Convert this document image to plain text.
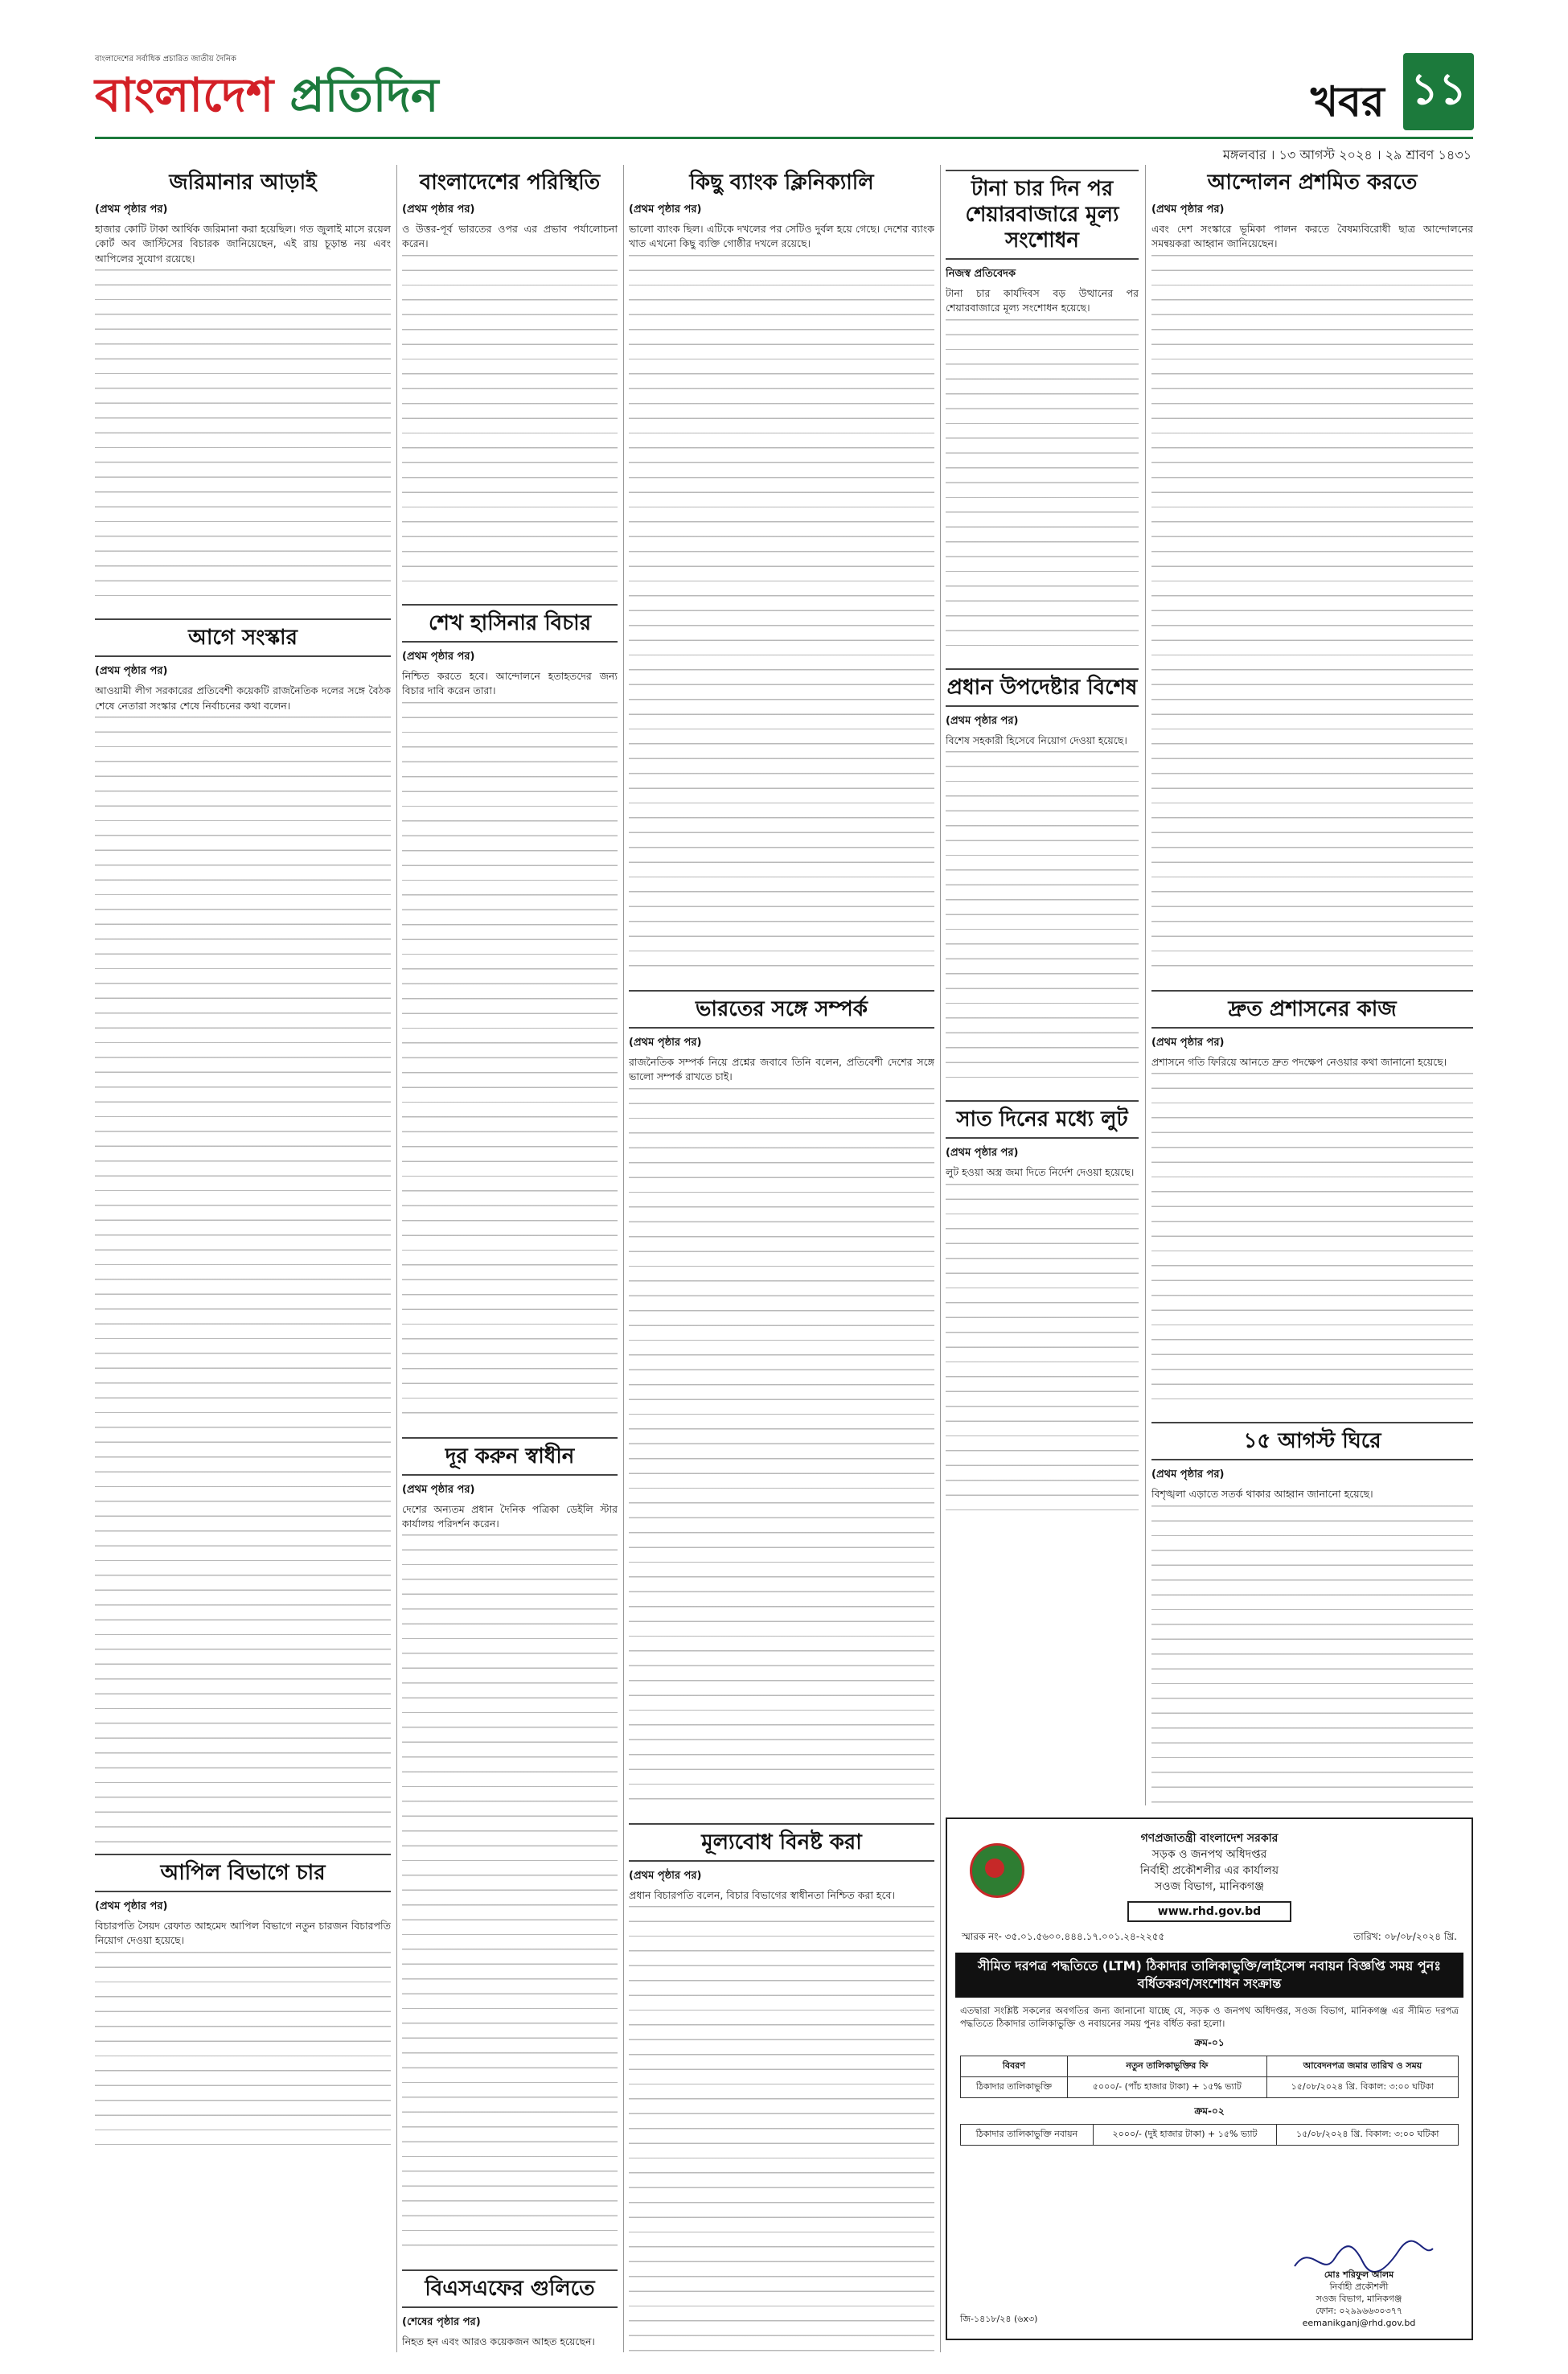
বাংলাদেশের সর্বাধিক প্রচারিত জাতীয় দৈনিক
বাংলাদেশ প্রতিদিন	খবর ১১
মঙ্গলবার । ১৩ আগস্ট ২০২৪ । ২৯ শ্রাবণ ১৪৩১
জরিমানার আড়াই
(প্রথম পৃষ্ঠার পর)
হাজার কোটি টাকা আর্থিক জরিমানা করা হয়েছিল। গত জুলাই মাসে রয়েল কোর্ট অব জাস্টিসের বিচারক জানিয়েছেন, এই রায় চূড়ান্ত নয় এবং আপিলের সুযোগ রয়েছে।
আগে সংস্কার
(প্রথম পৃষ্ঠার পর)
আওয়ামী লীগ সরকারের প্রতিবেশী কয়েকটি রাজনৈতিক দলের সঙ্গে বৈঠক শেষে নেতারা সংস্কার শেষে নির্বাচনের কথা বলেন।
আপিল বিভাগে চার
(প্রথম পৃষ্ঠার পর)
বিচারপতি সৈয়দ রেফাত আহমেদ আপিল বিভাগে নতুন চারজন বিচারপতি নিয়োগ দেওয়া হয়েছে।
বাংলাদেশের পরিস্থিতি
(প্রথম পৃষ্ঠার পর)
ও উত্তর-পূর্ব ভারতের ওপর এর প্রভাব পর্যালোচনা করেন।
শেখ হাসিনার বিচার
(প্রথম পৃষ্ঠার পর)
নিশ্চিত করতে হবে। আন্দোলনে হতাহতদের জন্য বিচার দাবি করেন তারা।
দূর করুন স্বাধীন
(প্রথম পৃষ্ঠার পর)
দেশের অন্যতম প্রধান দৈনিক পত্রিকা ডেইলি স্টার কার্যালয় পরিদর্শন করেন।
বিএসএফের গুলিতে
(শেষের পৃষ্ঠার পর)
নিহত হন এবং আরও কয়েকজন আহত হয়েছেন।
কিছু ব্যাংক ক্লিনিক্যালি
(প্রথম পৃষ্ঠার পর)
ভালো ব্যাংক ছিল। এটিকে দখলের পর সেটিও দুর্বল হয়ে গেছে। দেশের ব্যাংক খাত এখনো কিছু ব্যক্তি গোষ্ঠীর দখলে রয়েছে।
ভারতের সঙ্গে সম্পর্ক
(প্রথম পৃষ্ঠার পর)
রাজনৈতিক সম্পর্ক নিয়ে প্রশ্নের জবাবে তিনি বলেন, প্রতিবেশী দেশের সঙ্গে ভালো সম্পর্ক রাখতে চাই।
মূল্যবোধ বিনষ্ট করা
(প্রথম পৃষ্ঠার পর)
প্রধান বিচারপতি বলেন, বিচার বিভাগের স্বাধীনতা নিশ্চিত করা হবে।
টানা চার দিন পর শেয়ারবাজারে মূল্য সংশোধন
নিজস্ব প্রতিবেদক
টানা চার কার্যদিবস বড় উত্থানের পর শেয়ারবাজারে মূল্য সংশোধন হয়েছে।
প্রধান উপদেষ্টার বিশেষ
(প্রথম পৃষ্ঠার পর)
বিশেষ সহকারী হিসেবে নিয়োগ দেওয়া হয়েছে।
সাত দিনের মধ্যে লুট
(প্রথম পৃষ্ঠার পর)
লুট হওয়া অস্ত্র জমা দিতে নির্দেশ দেওয়া হয়েছে।
আন্দোলন প্রশমিত করতে
(প্রথম পৃষ্ঠার পর)
এবং দেশ সংস্কারে ভূমিকা পালন করতে বৈষম্যবিরোধী ছাত্র আন্দোলনের সমন্বয়করা আহ্বান জানিয়েছেন।
দ্রুত প্রশাসনের কাজ
(প্রথম পৃষ্ঠার পর)
প্রশাসনে গতি ফিরিয়ে আনতে দ্রুত পদক্ষেপ নেওয়ার কথা জানানো হয়েছে।
১৫ আগস্ট ঘিরে
(প্রথম পৃষ্ঠার পর)
বিশৃঙ্খলা এড়াতে সতর্ক থাকার আহ্বান জানানো হয়েছে।
গণপ্রজাতন্ত্রী বাংলাদেশ সরকার
সড়ক ও জনপথ অধিদপ্তর
নির্বাহী প্রকৌশলীর এর কার্যালয়
সওজ বিভাগ, মানিকগঞ্জ
www.rhd.gov.bd
স্মারক নং- ৩৫.০১.৫৬০০.৪৪৪.১৭.০০১.২৪-২২৫৫	তারিখ: ০৮/০৮/২০২৪ খ্রি.
সীমিত দরপত্র পদ্ধতিতে (LTM) ঠিকাদার তালিকাভুক্তি/লাইসেন্স নবায়ন বিজ্ঞপ্তি সময় পুনঃ বর্ধিতকরণ/সংশোধন সংক্রান্ত
এতদ্বারা সংশ্লিষ্ট সকলের অবগতির জন্য জানানো যাচ্ছে যে, সড়ক ও জনপথ অধিদপ্তর, সওজ বিভাগ, মানিকগঞ্জ এর সীমিত দরপত্র পদ্ধতিতে ঠিকাদার তালিকাভুক্তি ও নবায়নের সময় পুনঃ বর্ধিত করা হলো।
ক্রম-০১
বিবরণ	নতুন তালিকাভুক্তির ফি	আবেদনপত্র জমার তারিখ ও সময়
ঠিকাদার তালিকাভুক্তি	৫০০০/- (পাঁচ হাজার টাকা) + ১৫% ভ্যাট	১৫/০৮/২০২৪ খ্রি. বিকাল: ৩:০০ ঘটিকা
ক্রম-০২
ঠিকাদার তালিকাভুক্তি নবায়ন	২০০০/- (দুই হাজার টাকা) + ১৫% ভ্যাট	১৫/০৮/২০২৪ খ্রি. বিকাল: ৩:০০ ঘটিকা
মোঃ শরিফুল আলম
নির্বাহী প্রকৌশলী
সওজ বিভাগ, মানিকগঞ্জ
ফোন: ০২৯৯৬৬৩০৩৭৭
eemanikganj@rhd.gov.bd
জি-১৪১৮/২৪ (৬x৩)
